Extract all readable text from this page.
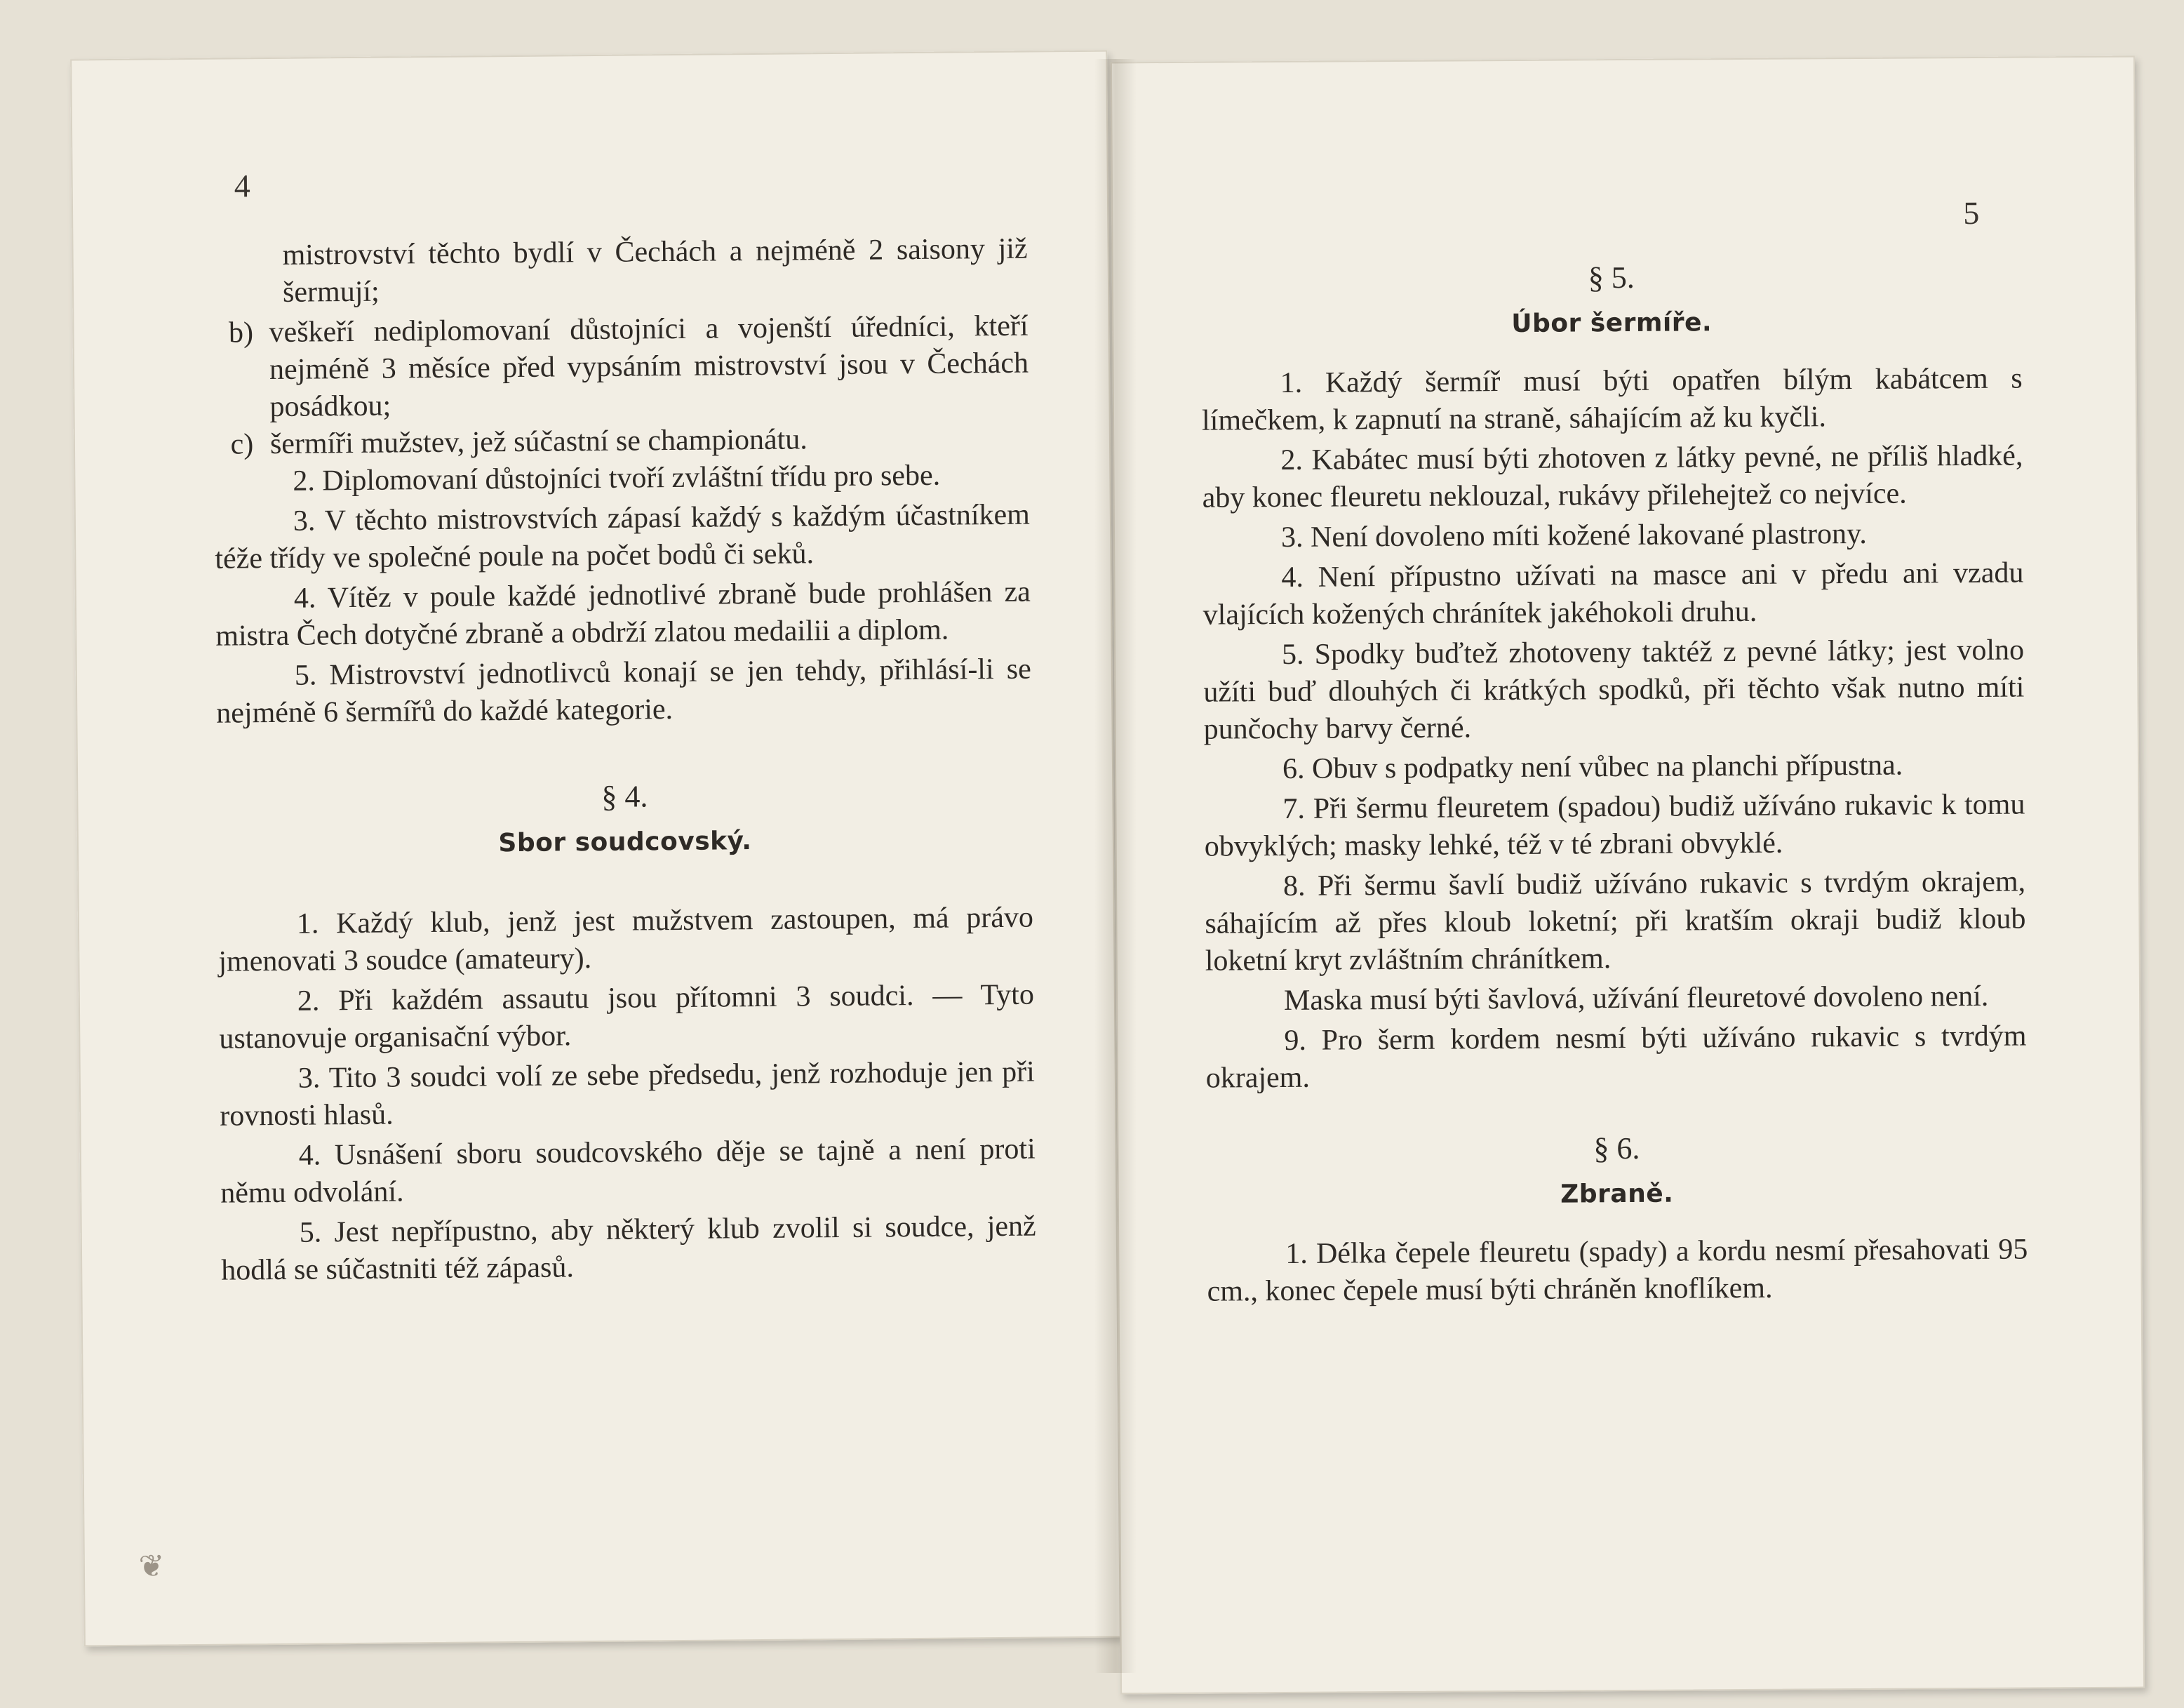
4

mistrovství těchto bydlí v Čechách a nejméně 2 saisony již šermují;

b) veškeří nediplomovaní důstojníci a vojenští úředníci, kteří nejméně 3 měsíce před vypsáním mistrovství jsou v Čechách posádkou;
c) šermíři mužstev, jež súčastní se championátu.

2. Diplomovaní důstojníci tvoří zvláštní třídu pro sebe.

3. V těchto mistrovstvích zápasí každý s každým účastníkem téže třídy ve společné poule na počet bodů či seků.

4. Vítěz v poule každé jednotlivé zbraně bude prohlášen za mistra Čech dotyčné zbraně a obdrží zlatou medailii a diplom.

5. Mistrovství jednotlivců konají se jen tehdy, přihlásí-li se nejméně 6 šermířů do každé kategorie.

§ 4.
Sbor soudcovský.

1. Každý klub, jenž jest mužstvem zastoupen, má právo jmenovati 3 soudce (amateury).

2. Při každém assautu jsou přítomni 3 soudci. — Tyto ustanovuje organisační výbor.

3. Tito 3 soudci volí ze sebe předsedu, jenž rozhoduje jen při rovnosti hlasů.

4. Usnášení sboru soudcovského děje se tajně a není proti němu odvolání.

5. Jest nepřípustno, aby některý klub zvolil si soudce, jenž hodlá se súčastniti též zápasů.

❦
5
§ 5.
Úbor šermíře.

1. Každý šermíř musí býti opatřen bílým kabátcem s límečkem, k zapnutí na straně, sáhajícím až ku kyčli.

2. Kabátec musí býti zhotoven z látky pevné, ne příliš hladké, aby konec fleuretu neklouzal, rukávy přilehejtež co nejvíce.

3. Není dovoleno míti kožené lakované plastrony.

4. Není přípustno užívati na masce ani v předu ani vzadu vlajících kožených chránítek jakéhokoli druhu.

5. Spodky buďtež zhotoveny taktéž z pevné látky; jest volno užíti buď dlouhých či krátkých spodků, při těchto však nutno míti punčochy barvy černé.

6. Obuv s podpatky není vůbec na planchi přípustna.

7. Při šermu fleuretem (spadou) budiž užíváno rukavic k tomu obvyklých; masky lehké, též v té zbrani obvyklé.

8. Při šermu šavlí budiž užíváno rukavic s tvrdým okrajem, sáhajícím až přes kloub loketní; při kratším okraji budiž kloub loketní kryt zvláštním chránítkem.

Maska musí býti šavlová, užívání fleuretové dovoleno není.

9. Pro šerm kordem nesmí býti užíváno rukavic s tvrdým okrajem.

§ 6.
Zbraně.

1. Délka čepele fleuretu (spady) a kordu nesmí přesahovati 95 cm., konec čepele musí býti chráněn knoflíkem.
